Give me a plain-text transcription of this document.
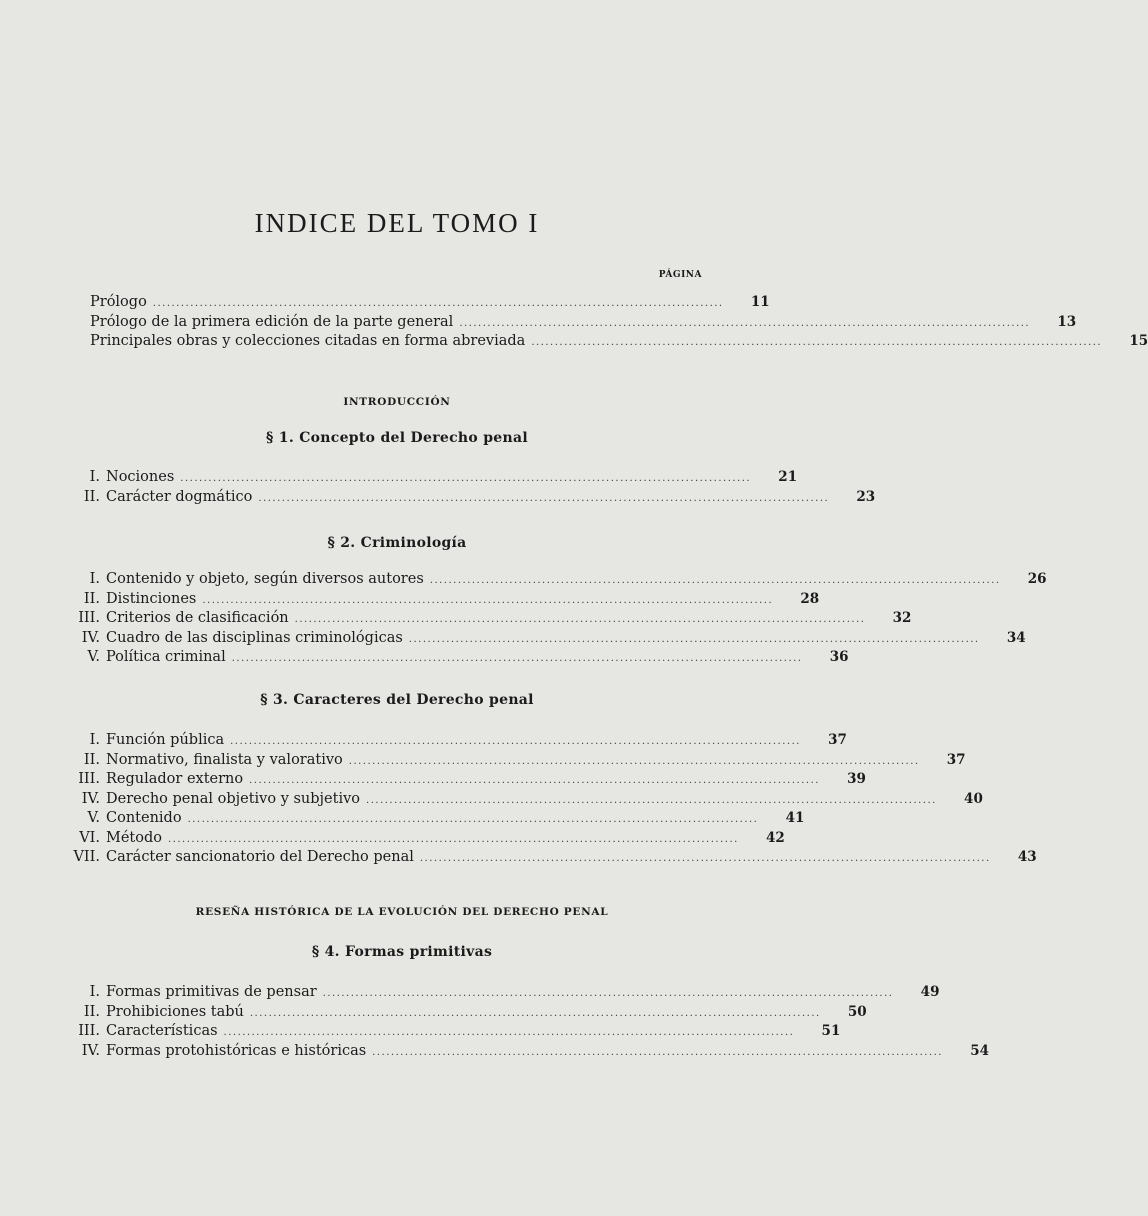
INDICE DEL TOMO I
PÁGINA
Prólogo ..........................................................................................................................	11
Prólogo de la primera edición de la parte general ..........................................................................................................................	13
Principales obras y colecciones citadas en forma abreviada ..........................................................................................................................	15
INTRODUCCIÓN
§ 1. Concepto del Derecho penal
I. Nociones ..........................................................................................................................	21
II. Carácter dogmático ..........................................................................................................................	23
§ 2. Criminología
I. Contenido y objeto, según diversos autores ..........................................................................................................................	26
II. Distinciones ..........................................................................................................................	28
III. Criterios de clasificación ..........................................................................................................................	32
IV. Cuadro de las disciplinas criminológicas ..........................................................................................................................	34
V. Política criminal ..........................................................................................................................	36
§ 3. Caracteres del Derecho penal
I. Función pública ..........................................................................................................................	37
II. Normativo, finalista y valorativo ..........................................................................................................................	37
III. Regulador externo ..........................................................................................................................	39
IV. Derecho penal objetivo y subjetivo ..........................................................................................................................	40
V. Contenido ..........................................................................................................................	41
VI. Método ..........................................................................................................................	42
VII. Carácter sancionatorio del Derecho penal ..........................................................................................................................	43
RESEÑA HISTÓRICA DE LA EVOLUCIÓN DEL DERECHO PENAL
§ 4. Formas primitivas
I. Formas primitivas de pensar ..........................................................................................................................	49
II. Prohibiciones tabú ..........................................................................................................................	50
III. Características ..........................................................................................................................	51
IV. Formas protohistóricas e históricas ..........................................................................................................................	54
